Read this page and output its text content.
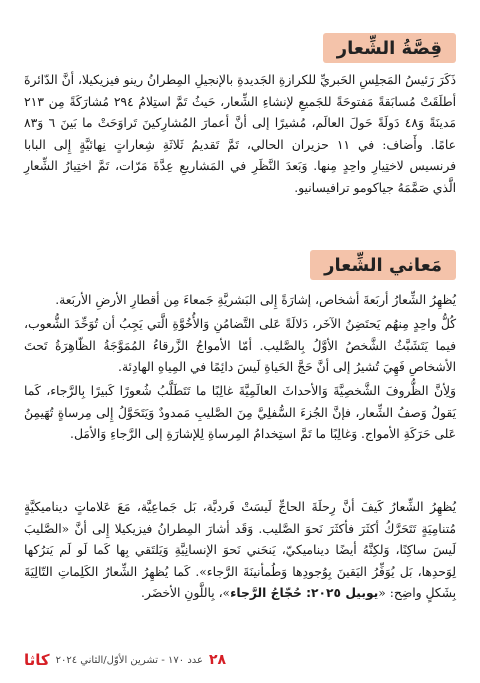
قِصَّةُ الشِّعار

ذَكَرَ رَئيسُ المَجلِسِ الحَبريِّ للكرازةِ الجَديدةِ بالإنجيلِ المِطرانُ رينو فيزيكيلا، أنَّ الدّائرةَ أطلَقَتْ مُسابَقةً مَفتوحَةً للجَميعِ لإنشاءِ الشِّعار، حَيثُ تَمَّ استِلامُ ٢٩٤ مُشارَكَةً مِن ٢١٣ مَدينَةً وَ٤٨ دَولَةً حَولَ العالَم، مُشيرًا إلى أنَّ أعمارَ المُشارِكينَ تَراوَحَتْ ما بَينَ ٦ وَ٨٣ عامًا. وأَضاف: في ١١ حزيران الحالي، تَمَّ تَقديمُ ثَلاثَةِ شِعاراتٍ نِهائيَّةٍ إِلى البابا فرنسيس لاختِيارِ واحِدٍ مِنها. وَبَعدَ النَّظَرِ في المَشاريعِ عِدَّةَ مَرّات، تَمَّ اختِيارُ الشِّعارِ الَّذي صَمَّمَهُ جياكومو ترافيسانيو.

مَعاني الشِّعار

يُظهِرُ الشِّعارُ أربَعةَ أشخاص، إشارَةً إِلى البَشريَّةِ جَمعاءَ مِن أقطارِ الأرضِ الأربَعة.

كُلُّ واحِدٍ مِنهُم يَحتَضِنُ الآخَر، دَلالَةً عَلى التَّضامُنِ وَالأُخُوَّةِ الَّتي يَجِبُ أن تُوَحِّدَ الشُّعوب، فيما يَتَشَبَّثُ الشَّخصُ الأوَّلُ بِالصَّليب. أمّا الأمواجُ الزَّرقاءُ المُمَوَّجَةُ الظّاهِرَةُ تَحتَ الأشخاصِ فَهِيَ تُشيرُ إلى أنَّ حَجَّ الحَياةِ لَيسَ دائِمًا في المِياهِ الهادِئة.

وَلِأنَّ الظُّروفَ الشَّخصِيَّةَ وَالأحداثَ العالَمِيَّةَ غالِبًا ما تَتَطَلَّبُ شُعورًا كَبيرًا بِالرَّجاء، كَما يَقولُ وَصفُ الشِّعار، فإنَّ الجُزءَ السُّفلِيَّ مِنَ الصَّليبِ مَمدودٌ وَيَتَحَوَّلُ إِلى مِرساةٍ تُهَيمِنُ عَلى حَرَكَةِ الأمواج. وَغالِبًا ما تَمَّ استِخدامُ المِرساةِ لِلإشارَةِ إلى الرَّجاءِ وَالأمَل.

يُظهِرُ الشِّعارُ كَيفَ أنَّ رِحلَةَ الحاجِّ لَيسَتْ فَرديَّة، بَل جَماعِيَّة، مَعَ عَلاماتٍ ديناميكيَّةٍ مُتنامِيَةٍ تَتَحَرَّكُ أكثَرَ فأكثَرَ نَحوَ الصَّليب. وَقَد أشارَ المِطرانُ فيزيكيلا إِلى أنَّ «الصَّليبَ لَيسَ ساكِنًا، وَلكِنَّهُ أيضًا ديناميكيّ، يَنحَني نَحوَ الإنسانِيَّةِ وَيَلتَقي بِها كَما لَو لَم يَترُكها لِوَحدِها، بَل يُوَفِّرُ اليَقينَ بِوُجودِها وَطُمأنينَةَ الرَّجاء». كَما يُظهِرُ الشِّعارُ الكَلِماتِ التّالِيَةَ بِشَكلٍ واضِح: «يوبيل ٢٠٢٥: حُجّاجُ الرَّجاء»، بِاللَّونِ الأخضَر.

كاثا عدد ١٧٠ - تشرين الأوّل/الثاني ٢٠٢٤ ٢٨
